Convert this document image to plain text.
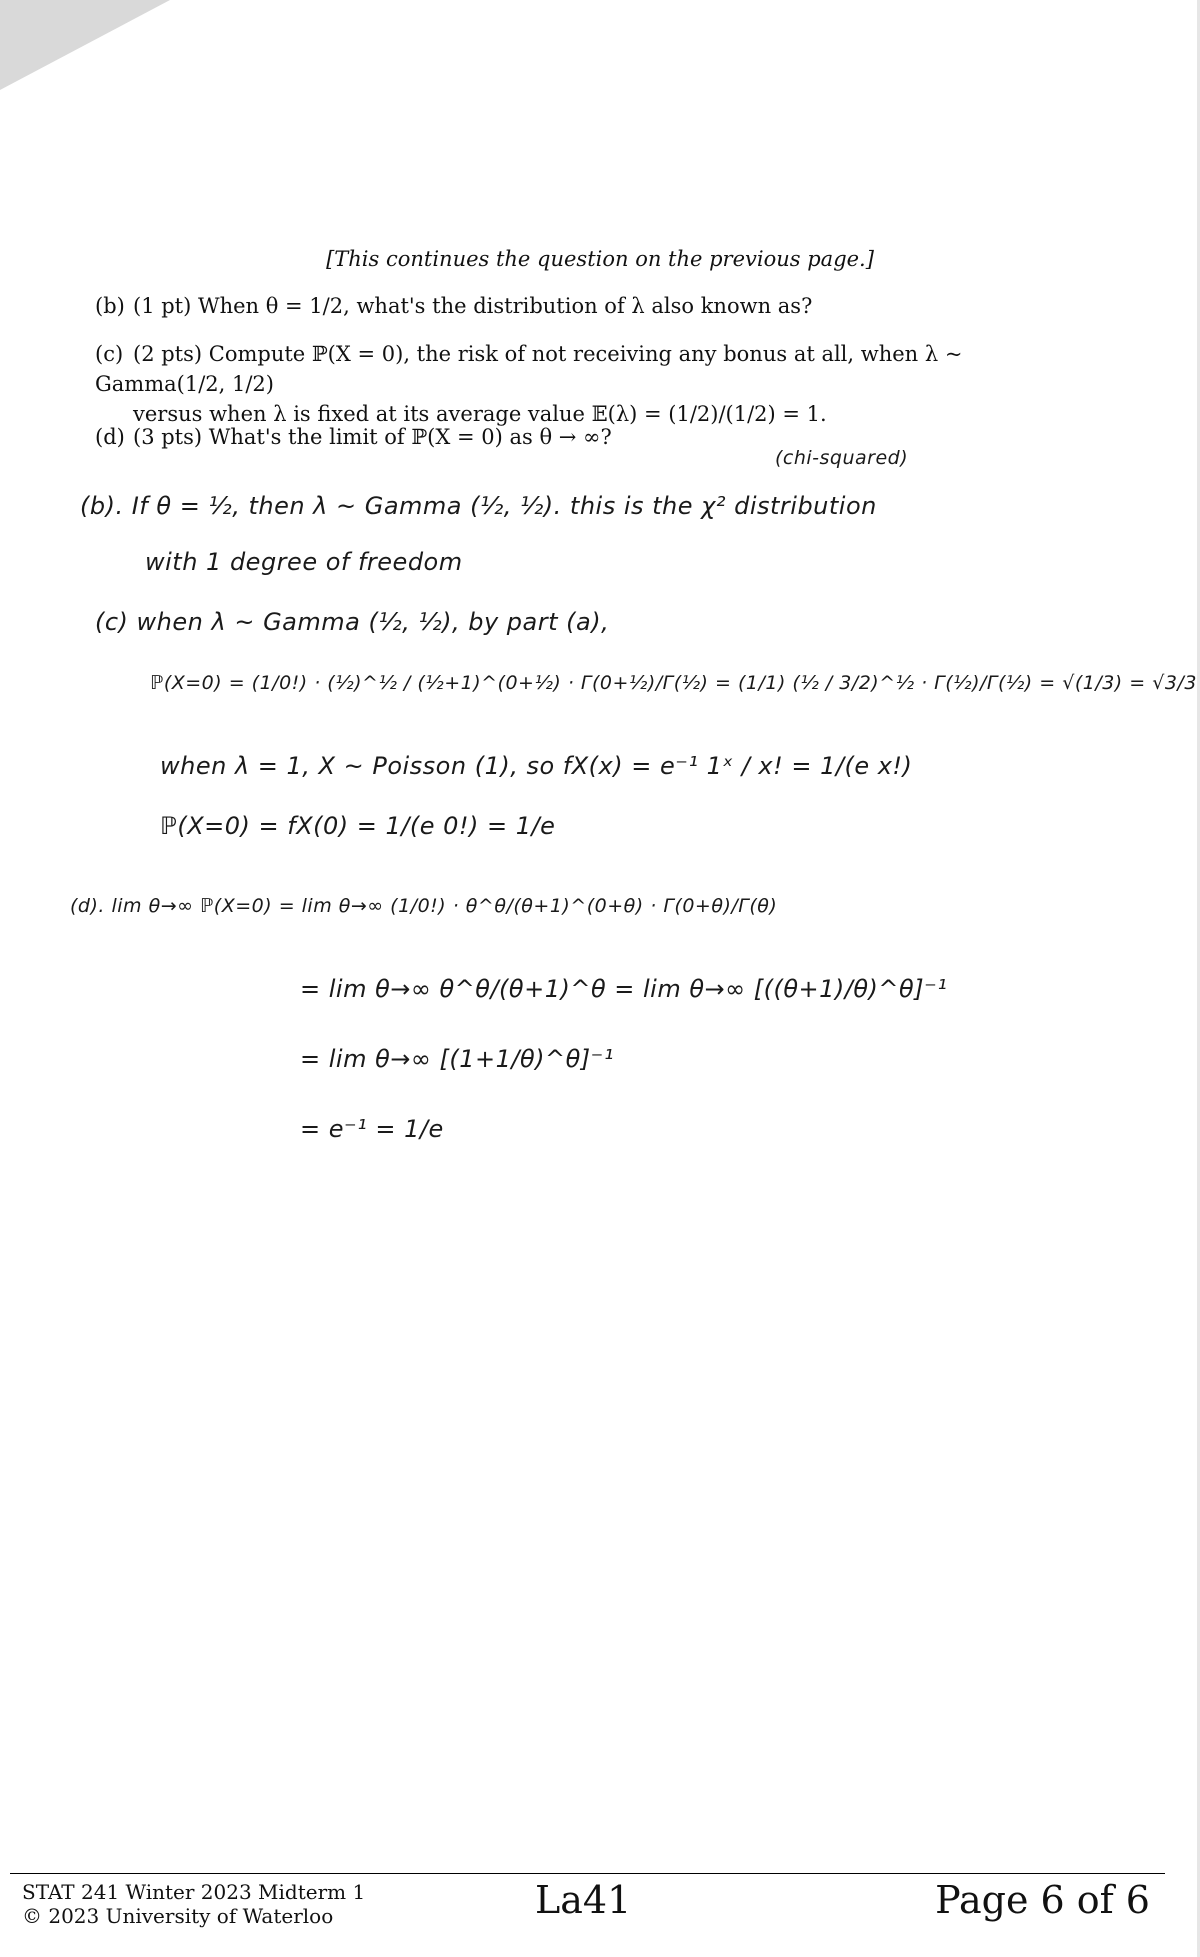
[This continues the question on the previous page.]
(b) (1 pt) When θ = 1/2, what's the distribution of λ also known as?
(c) (2 pts) Compute ℙ(X = 0), the risk of not receiving any bonus at all, when λ ~ Gamma(1/2, 1/2)
versus when λ is fixed at its average value 𝔼(λ) = (1/2)/(1/2) = 1.
(d) (3 pts) What's the limit of ℙ(X = 0) as θ → ∞?
(chi-squared)
(b). If θ = ½, then λ ~ Gamma (½, ½). this is the χ² distribution
with 1 degree of freedom
(c) when λ ~ Gamma (½, ½), by part (a),
ℙ(X=0) = (1/0!) · (½)^½ / (½+1)^(0+½) · Γ(0+½)/Γ(½) = (1/1) (½ / 3/2)^½ · Γ(½)/Γ(½) = √(1/3) = √3/3
when λ = 1, X ~ Poisson (1), so fX(x) = e⁻¹ 1ˣ / x! = 1/(e x!)
ℙ(X=0) = fX(0) = 1/(e 0!) = 1/e
(d). lim θ→∞ ℙ(X=0) = lim θ→∞ (1/0!) · θ^θ/(θ+1)^(0+θ) · Γ(0+θ)/Γ(θ)
= lim θ→∞ θ^θ/(θ+1)^θ = lim θ→∞ [((θ+1)/θ)^θ]⁻¹
= lim θ→∞ [(1+1/θ)^θ]⁻¹
= e⁻¹ = 1/e
STAT 241 Winter 2023 Midterm 1
© 2023 University of Waterloo	La41	Page 6 of 6
